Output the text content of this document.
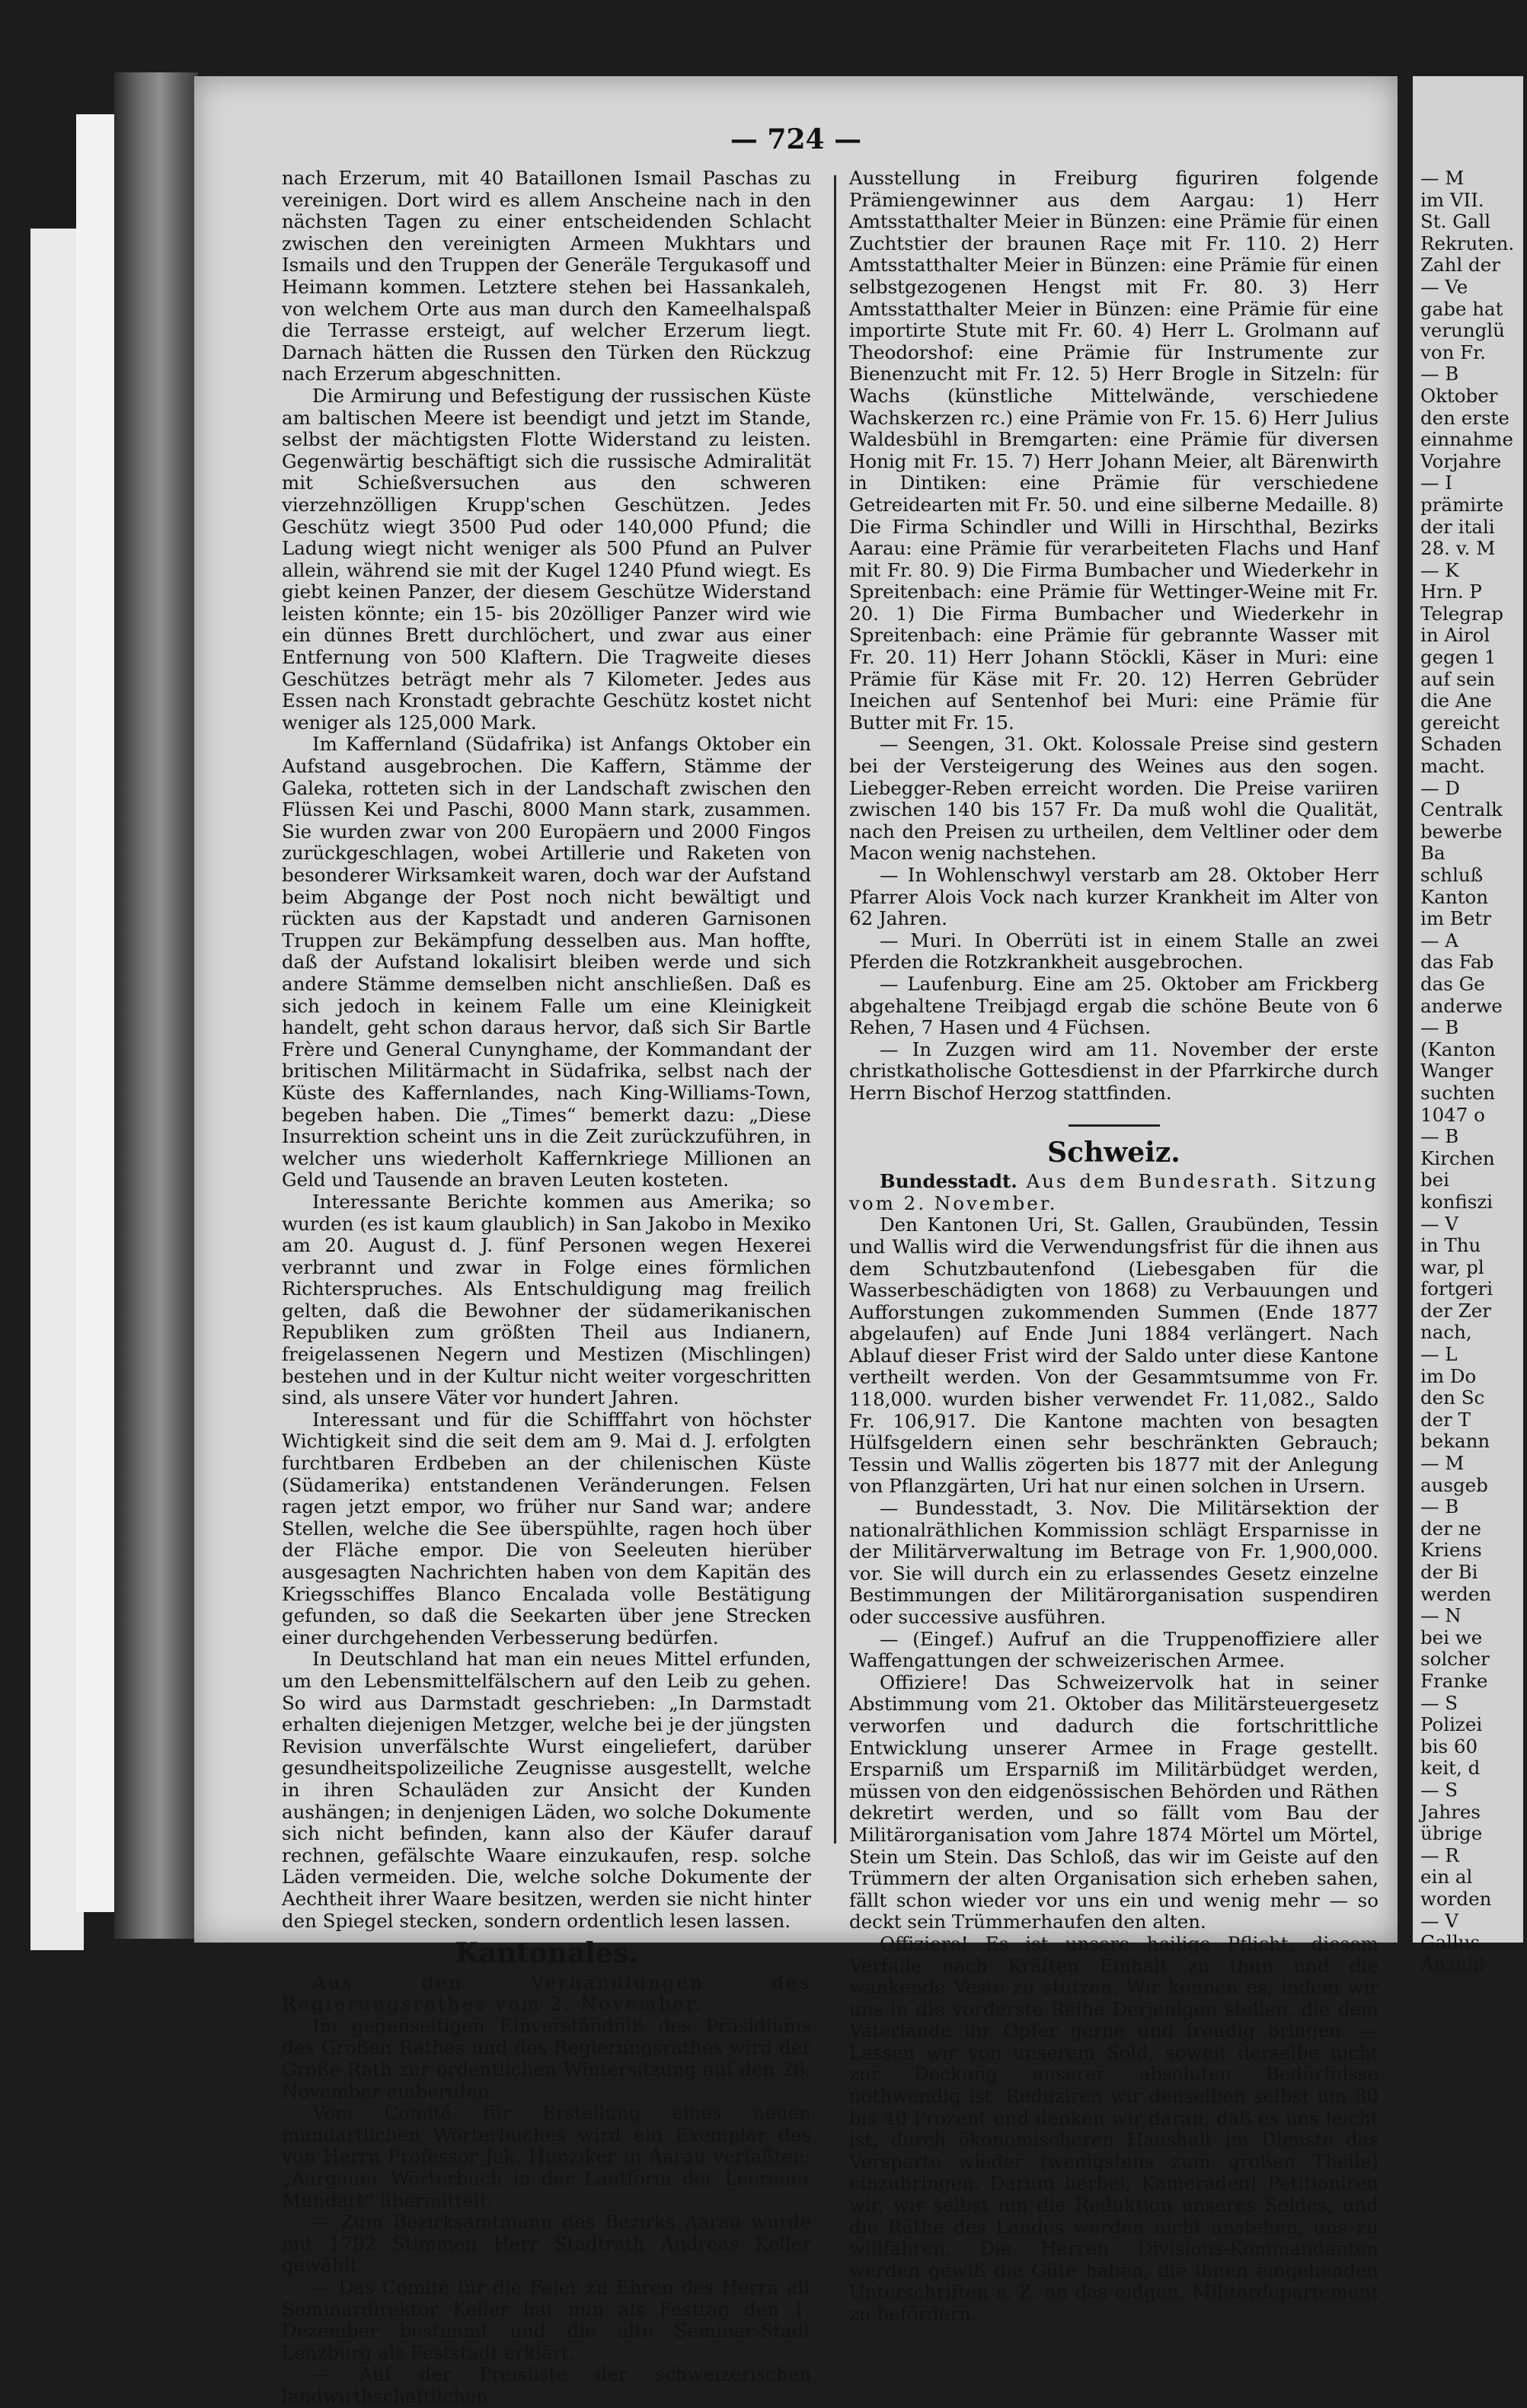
— 724 —

nach Erzerum, mit 40 Bataillonen Ismail Paschas zu vereinigen. Dort wird es allem Anscheine nach in den nächsten Tagen zu einer entscheidenden Schlacht zwischen den vereinigten Armeen Mukhtars und Ismails und den Truppen der Generäle Tergukasoff und Heimann kommen. Letztere stehen bei Hassankaleh, von welchem Orte aus man durch den Kameelhalspaß die Terrasse ersteigt, auf welcher Erzerum liegt. Darnach hätten die Russen den Türken den Rückzug nach Erzerum abgeschnitten.

Die Armirung und Befestigung der russischen Küste am baltischen Meere ist beendigt und jetzt im Stande, selbst der mächtigsten Flotte Widerstand zu leisten. Gegenwärtig beschäftigt sich die russische Admiralität mit Schießversuchen aus den schweren vierzehnzölligen Krupp'schen Geschützen. Jedes Geschütz wiegt 3500 Pud oder 140,000 Pfund; die Ladung wiegt nicht weniger als 500 Pfund an Pulver allein, während sie mit der Kugel 1240 Pfund wiegt. Es giebt keinen Panzer, der diesem Geschütze Widerstand leisten könnte; ein 15- bis 20zölliger Panzer wird wie ein dünnes Brett durchlöchert, und zwar aus einer Entfernung von 500 Klaftern. Die Tragweite dieses Geschützes beträgt mehr als 7 Kilometer. Jedes aus Essen nach Kronstadt gebrachte Geschütz kostet nicht weniger als 125,000 Mark.

Im Kaffernland (Südafrika) ist Anfangs Oktober ein Aufstand ausgebrochen. Die Kaffern, Stämme der Galeka, rotteten sich in der Landschaft zwischen den Flüssen Kei und Paschi, 8000 Mann stark, zusammen. Sie wurden zwar von 200 Europäern und 2000 Fingos zurückgeschlagen, wobei Artillerie und Raketen von besonderer Wirksamkeit waren, doch war der Aufstand beim Abgange der Post noch nicht bewältigt und rückten aus der Kapstadt und anderen Garnisonen Truppen zur Bekämpfung desselben aus. Man hoffte, daß der Aufstand lokalisirt bleiben werde und sich andere Stämme demselben nicht anschließen. Daß es sich jedoch in keinem Falle um eine Kleinigkeit handelt, geht schon daraus hervor, daß sich Sir Bartle Frère und General Cunynghame, der Kommandant der britischen Militärmacht in Südafrika, selbst nach der Küste des Kaffernlandes, nach King-Williams-Town, begeben haben. Die „Times“ bemerkt dazu: „Diese Insurrektion scheint uns in die Zeit zurückzuführen, in welcher uns wiederholt Kaffernkriege Millionen an Geld und Tausende an braven Leuten kosteten.

Interessante Berichte kommen aus Amerika; so wurden (es ist kaum glaublich) in San Jakobo in Mexiko am 20. August d. J. fünf Personen wegen Hexerei verbrannt und zwar in Folge eines förmlichen Richterspruches. Als Entschuldigung mag freilich gelten, daß die Bewohner der südamerikanischen Republiken zum größten Theil aus Indianern, freigelassenen Negern und Mestizen (Mischlingen) bestehen und in der Kultur nicht weiter vorgeschritten sind, als unsere Väter vor hundert Jahren.

Interessant und für die Schifffahrt von höchster Wichtigkeit sind die seit dem am 9. Mai d. J. erfolgten furchtbaren Erdbeben an der chilenischen Küste (Südamerika) entstandenen Veränderungen. Felsen ragen jetzt empor, wo früher nur Sand war; andere Stellen, welche die See überspühlte, ragen hoch über der Fläche empor. Die von Seeleuten hierüber ausgesagten Nachrichten haben von dem Kapitän des Kriegsschiffes Blanco Encalada volle Bestätigung gefunden, so daß die Seekarten über jene Strecken einer durchgehenden Verbesserung bedürfen.

In Deutschland hat man ein neues Mittel erfunden, um den Lebensmittelfälschern auf den Leib zu gehen. So wird aus Darmstadt geschrieben: „In Darmstadt erhalten diejenigen Metzger, welche bei je der jüngsten Revision unverfälschte Wurst eingeliefert, darüber gesundheitspolizeiliche Zeugnisse ausgestellt, welche in ihren Schauläden zur Ansicht der Kunden aushängen; in denjenigen Läden, wo solche Dokumente sich nicht befinden, kann also der Käufer darauf rechnen, gefälschte Waare einzukaufen, resp. solche Läden vermeiden. Die, welche solche Dokumente der Aechtheit ihrer Waare besitzen, werden sie nicht hinter den Spiegel stecken, sondern ordentlich lesen lassen.

Kantonales.

Aus den Verhandlungen des Regierungsrathes vom 2. November.

Im gegenseitigen Einverständniß des Präsidiums des Großen Rathes und des Regierungsrathes wird der Große Rath zur ordentlichen Wintersitzung auf den 26. November einberufen.

Vom Comité für Erstellung eines neuen mundartlichen Wörterbuches wird ein Exemplar des von Herrn Professor Jak. Hunziker in Aarau verfaßten: „Aargauer Wörterbuch in der Lautform der Leerauer Mundart“ übermittelt.

— Zum Bezirksamtmann des Bezirks Aarau wurde mit 1782 Stimmen Herr Stadtrath Andreas Keller gewählt.

— Das Comité für die Feier zu Ehren des Herrn alt Seminardirektor Keller hat nun als Festtag den 1. Dezember bestimmt und die alte Seminar-Stadt Lenzburg als Feststadt erklärt.

— Auf der Preisliste der schweizerischen landwirthschaftlichen

Ausstellung in Freiburg figuriren folgende Prämiengewinner aus dem Aargau: 1) Herr Amtsstatthalter Meier in Bünzen: eine Prämie für einen Zuchtstier der braunen Raçe mit Fr. 110. 2) Herr Amtsstatthalter Meier in Bünzen: eine Prämie für einen selbstgezogenen Hengst mit Fr. 80. 3) Herr Amtsstatthalter Meier in Bünzen: eine Prämie für eine importirte Stute mit Fr. 60. 4) Herr L. Grolmann auf Theodorshof: eine Prämie für Instrumente zur Bienenzucht mit Fr. 12. 5) Herr Brogle in Sitzeln: für Wachs (künstliche Mittelwände, verschiedene Wachskerzen rc.) eine Prämie von Fr. 15. 6) Herr Julius Waldesbühl in Bremgarten: eine Prämie für diversen Honig mit Fr. 15. 7) Herr Johann Meier, alt Bärenwirth in Dintiken: eine Prämie für verschiedene Getreidearten mit Fr. 50. und eine silberne Medaille. 8) Die Firma Schindler und Willi in Hirschthal, Bezirks Aarau: eine Prämie für verarbeiteten Flachs und Hanf mit Fr. 80. 9) Die Firma Bumbacher und Wiederkehr in Spreitenbach: eine Prämie für Wettinger-Weine mit Fr. 20. 1) Die Firma Bumbacher und Wiederkehr in Spreitenbach: eine Prämie für gebrannte Wasser mit Fr. 20. 11) Herr Johann Stöckli, Käser in Muri: eine Prämie für Käse mit Fr. 20. 12) Herren Gebrüder Ineichen auf Sentenhof bei Muri: eine Prämie für Butter mit Fr. 15.

— Seengen, 31. Okt. Kolossale Preise sind gestern bei der Versteigerung des Weines aus den sogen. Liebegger-Reben erreicht worden. Die Preise variiren zwischen 140 bis 157 Fr. Da muß wohl die Qualität, nach den Preisen zu urtheilen, dem Veltliner oder dem Macon wenig nachstehen.

— In Wohlenschwyl verstarb am 28. Oktober Herr Pfarrer Alois Vock nach kurzer Krankheit im Alter von 62 Jahren.

— Muri. In Oberrüti ist in einem Stalle an zwei Pferden die Rotzkrankheit ausgebrochen.

— Laufenburg. Eine am 25. Oktober am Frickberg abgehaltene Treibjagd ergab die schöne Beute von 6 Rehen, 7 Hasen und 4 Füchsen.

— In Zuzgen wird am 11. November der erste christkatholische Gottesdienst in der Pfarrkirche durch Herrn Bischof Herzog stattfinden.

Schweiz.

Bundesstadt. Aus dem Bundesrath. Sitzung vom 2. November.

Den Kantonen Uri, St. Gallen, Graubünden, Tessin und Wallis wird die Verwendungsfrist für die ihnen aus dem Schutzbautenfond (Liebesgaben für die Wasserbeschädigten von 1868) zu Verbauungen und Aufforstungen zukommenden Summen (Ende 1877 abgelaufen) auf Ende Juni 1884 verlängert. Nach Ablauf dieser Frist wird der Saldo unter diese Kantone vertheilt werden. Von der Gesammtsumme von Fr. 118,000. wurden bisher verwendet Fr. 11,082., Saldo Fr. 106,917. Die Kantone machten von besagten Hülfsgeldern einen sehr beschränkten Gebrauch; Tessin und Wallis zögerten bis 1877 mit der Anlegung von Pflanzgärten, Uri hat nur einen solchen in Ursern.

— Bundesstadt, 3. Nov. Die Militärsektion der nationalräthlichen Kommission schlägt Ersparnisse in der Militärverwaltung im Betrage von Fr. 1,900,000. vor. Sie will durch ein zu erlassendes Gesetz einzelne Bestimmungen der Militärorganisation suspendiren oder successive ausführen.

— (Eingef.) Aufruf an die Truppenoffiziere aller Waffengattungen der schweizerischen Armee.

Offiziere! Das Schweizervolk hat in seiner Abstimmung vom 21. Oktober das Militärsteuergesetz verworfen und dadurch die fortschrittliche Entwicklung unserer Armee in Frage gestellt. Ersparniß um Ersparniß im Militärbüdget werden, müssen von den eidgenössischen Behörden und Räthen dekretirt werden, und so fällt vom Bau der Militärorganisation vom Jahre 1874 Mörtel um Mörtel, Stein um Stein. Das Schloß, das wir im Geiste auf den Trümmern der alten Organisation sich erheben sahen, fällt schon wieder vor uns ein und wenig mehr — so deckt sein Trümmerhaufen den alten.

Offiziere! Es ist unsere heilige Pflicht, diesem Verfalle nach Kräften Einhalt zu thun und die wankende Veste zu stützen. Wir können es, indem wir uns in die vorderste Reihe Derjenigen stellen, die dem Vaterlande ihr Opfer gerne und freudig bringen. — Lassen wir von unserem Sold, soweit derselbe nicht zur Deckung unserer absoluten Bedürfnisse nothwendig ist. Reduziren wir denselben selbst um 30 bis 40 Prozent und denken wir daran, daß es uns leicht ist, durch ökonomischeren Haushalt im Dienste das Versparte wieder (wenigstens zum großen Theile) einzubringen. Darum herbei, Kameraden! Petitioniren wir, wir selbst um die Reduktion unseres Soldes, und die Räthe des Landes werden nicht anstehen, uns zu willfahren. Die Herren Divisions-Kommandanten werden gewiß die Güte haben, die ihnen eingehenden Unterschriften s. Z. an das eidgen. Militärdepartement zu befördern.

— M
im VII.
St. Gall
Rekruten.
Zahl der
— Ve
gabe hat
verunglü
von Fr.
— B
Oktober
den erste
einnahme
Vorjahre
— I
prämirte
der itali
28. v. M
— K
Hrn. P
Telegrap
in Airol
gegen 1
auf sein
die Ane
gereicht
Schaden
macht.
— D
Centralk
bewerbe
Ba
schluß
Kanton
im Betr
— A
das Fab
das Ge
anderwe
— B
(Kanton
Wanger
suchten
1047 o
— B
Kirchen
bei
konfiszi
— V
in Thu
war, pl
fortgeri
der Zer
nach,
— L
im Do
den Sc
der T
bekann
— M
ausgeb
— B
der ne
Kriens
der Bi
werden
— N
bei we
solcher
Franke
— S
Polizei
bis 60
keit, d
— S
Jahres
übrige
— R
ein al
worden
— V
Gallus
Anzahl
